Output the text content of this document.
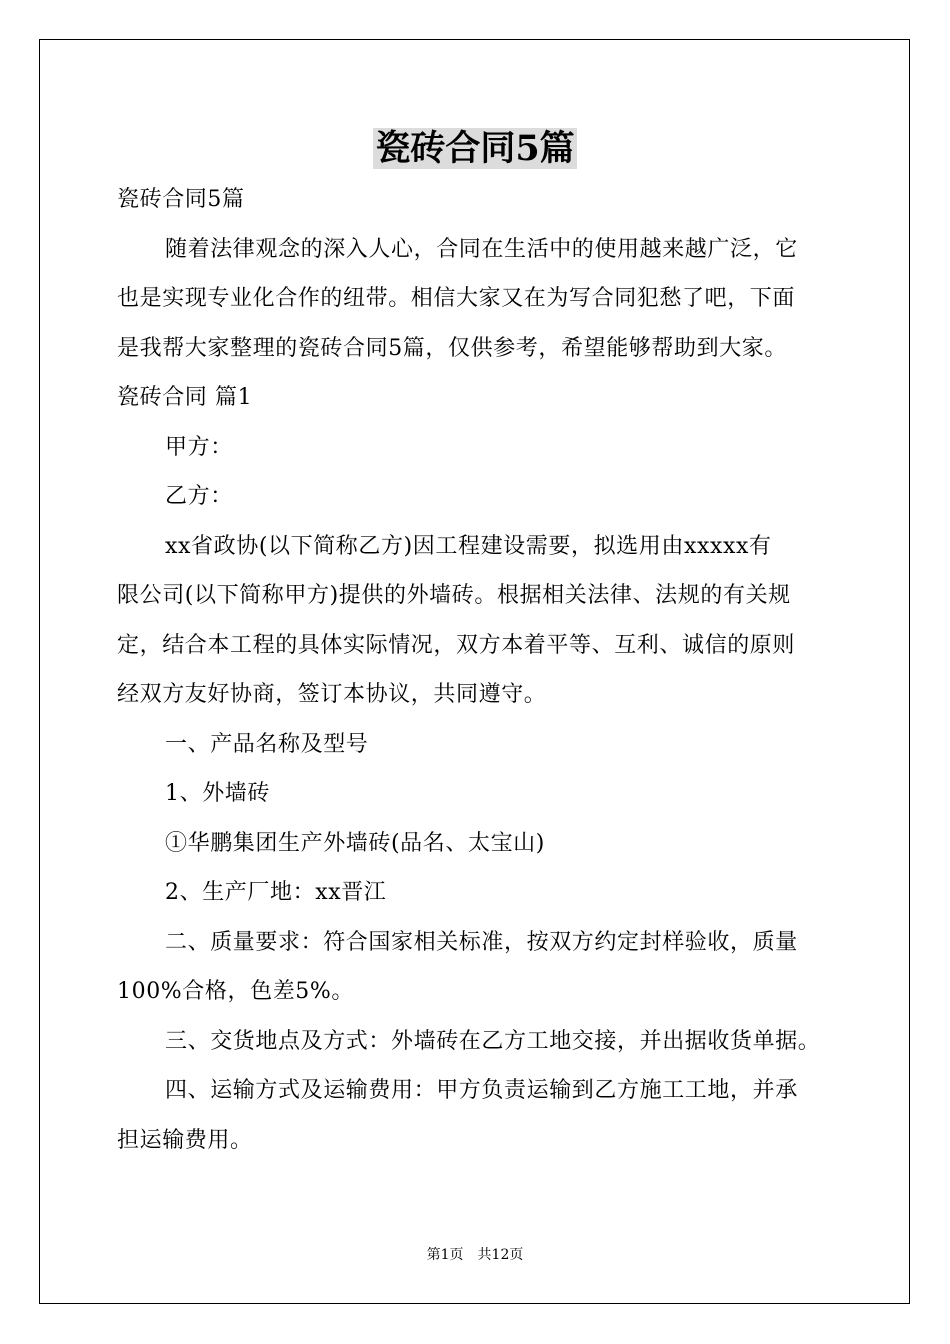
瓷砖合同5篇
瓷砖合同5篇
随着法律观念的深入人心，合同在生活中的使用越来越广泛，它
也是实现专业化合作的纽带。相信大家又在为写合同犯愁了吧，下面
是我帮大家整理的瓷砖合同5篇，仅供参考，希望能够帮助到大家。
瓷砖合同 篇1
甲方：
乙方：
xx省政协(以下简称乙方)因工程建设需要，拟选用由xxxxx有
限公司(以下简称甲方)提供的外墙砖。根据相关法律、法规的有关规
定，结合本工程的具体实际情况，双方本着平等、互利、诚信的原则
经双方友好协商，签订本协议，共同遵守。
一、产品名称及型号
1、外墙砖
①华鹏集团生产外墙砖(品名、太宝山)
2、生产厂地：xx晋江
二、质量要求：符合国家相关标准，按双方约定封样验收，质量
100%合格，色差5%。
三、交货地点及方式：外墙砖在乙方工地交接，并出据收货单据。
四、运输方式及运输费用：甲方负责运输到乙方施工工地，并承
担运输费用。
第1页 共12页
